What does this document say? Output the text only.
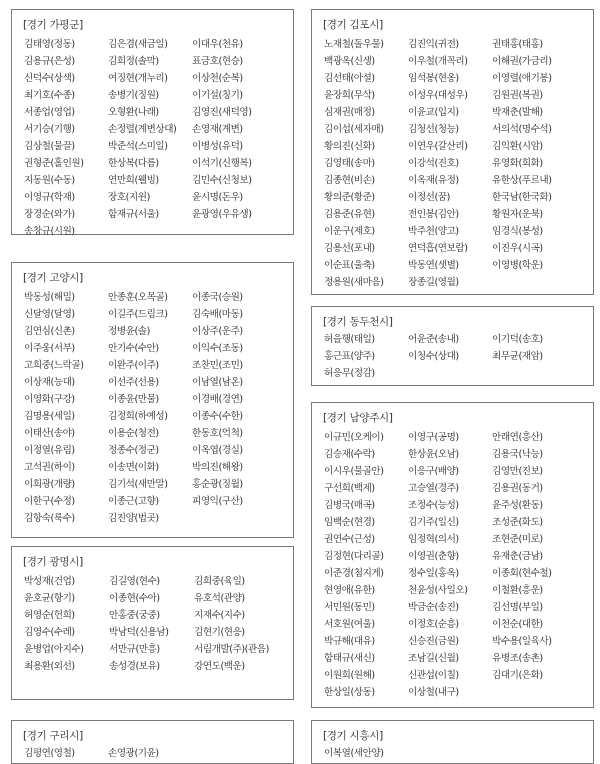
[ 경기 가평군 ]
김태영(정동)	김은겸(새금일)	이대우(천유)
김용규(은성)	김희정(솔막)	표금호(현승)
신덕수(상색)	여징현(개누리)	이상천(순복)
최기호(수종)	송병기(징원)	이기설(칭기)
서종업(영업)	오형환(나래)	김영진(새덕영)
서기승(기행)	손정렬(계변상대)	손영재(계변)
김상철(물끌)	박준석(스미일)	이병성(유덕)
권형준(홀인원)	한상복(다름)	이석기(신행복)
지동원(수동)	연만희(웰빙)	김민수(신청보)
이영규(학재)	장호(지윈)	윤시명(돈우)
장경순(와가)	함재규(서울)	윤광영(우유생)
송창규(시원)
[ 경기 고양시 ]
박동성(해밀)	안종훈(오목골)	이종국(승원)
신달영(달영)	이길주(드림크)	김숙배(마동)
김연심(신촌)	정병윤(솔)	이상주(운주)
이주웅(서부)	안기수(수안)	이익수(조동)
고희중(느락골)	이완주(이주)	조찬민(조민)
이상재(능대)	이선주(선용)	이남열(남온)
이영화(구강)	이종윤(만물)	이경배(경연)
김명용(세일)	김정희(하예성)	이종수(수한)
이태산(송야)	이용순(청전)	한동호(억척)
이정열(유림)	정종수(정군)	이옥엽(경실)
고석권(하이)	이송면(이화)	박의진(해왕)
이희광(개량)	김기석(새만말)	홍순광(징월)
이한구(수정)	이종근(고향)	피영익(구산)
김항숙(룩수)	김진양(법곳)
[ 경기 광명시 ]
박성재(건업)	김길영(현수)	김희중(육일)
윤호균(항기)	이종현(수아)	유호석(관양)
허영순(헌희)	안홍중(궁중)	지재수(지수)
김영수(수레)	박남덕(신용남)	김현기(현응)
윤병업(아지수)	서만규(만흥)	서림개발(주)(관음)
최용환(외선)	송성경(보유)	강연도(백운)
[ 경기 구리시 ]
김평연(영철)	손영광(기윤)
[ 경기 김포시 ]
노재철(돌우물)	김진익(귀전)	권태홍(태홍)
백광옥(신생)	이우철(개꼭리)	이해권(가금리)
김선태(아셜)	임석봉(현옹)	이영렬(애기봉)
윤장희(무삭)	이성우(대성우)	김원권(복권)
심재권(매정)	이윤교(입지)	박재춘(발해)
김이섭(세자매)	김청선(청능)	서의석(명수석)
황의진(신화)	이연우(갈산리)	김익환(시암)
김영태(송마)	이강석(진호)	유영화(희화)
김종현(비손)	이옥재(유정)	유한상(푸르내)
황의준(황준)	이정선(꿈)	한국남(한국화)
김용준(유현)	전인봉(김안)	황원자(운북)
이운구(제호)	박주천(양고)	임경식(봉성)
김용선(포내)	연덕흡(연보람)	이진우(시곡)
이순표(울축)	박동연(샛별)	이영병(학운)
정용원(새마음)	장종길(영월)
[ 경기 동두천시 ]
허을행(태일)	어윤준(송내)	이기덕(송호)
홍근표(양주)	이청수(상대)	최무균(재암)
허응무(정감)
[ 경기 남양주시 ]
이규민(오케이)	이영구(공명)	안래연(흥산)
김승재(수락)	한상윤(오남)	김용국(낙능)
이시우(물골안)	이응구(배양)	김영만(진보)
구선희(백제)	고승열(경주)	김용권(동거)
김병국(매곡)	조정수(능성)	윤주성(환동)
임백순(현경)	김기주(일신)	조성준(화도)
권연수(근성)	임정혁(의서)	조현준(미로)
김정현(다리골)	이영권(춘향)	유재춘(금남)
이준경(첨지게)	정수일(홍옥)	이종회(현수철)
현영애(유한)	천윤성(사일오)	이철환(흥운)
서민원(동민)	박금순(송진)	김선명(부일)
서호원(여울)	이정호(순흥)	이천순(대한)
박규해(대유)	신승진(금원)	박수용(일육사)
함태규(새신)	조남길(신월)	유병조(송촌)
이원희(원해)	신관섭(이칠)	김대기(은화)
한상일(상동)	이상철(내구)
[ 경기 시흥시 ]
이복열(세안양)
